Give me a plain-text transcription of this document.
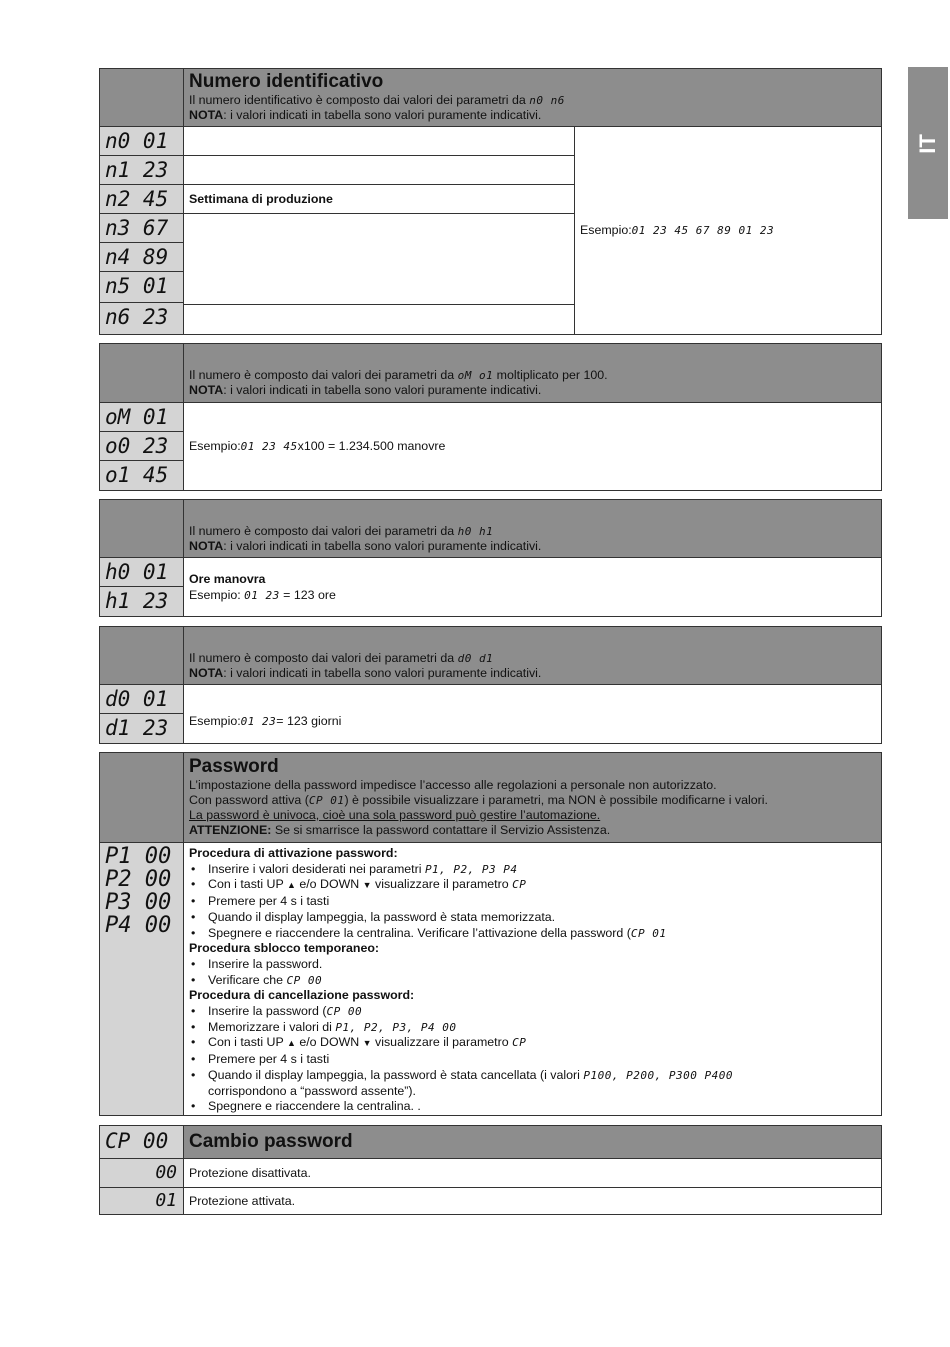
IT
Numero identificativo
Il numero identificativo è composto dai valori dei parametri da n0 n6
NOTA: i valori indicati in tabella sono valori puramente indicativi.
n0 01
n1 23
n2 45
n3 67
n4 89
n5 01
n6 23
Settimana di produzione
Esempio: 01 23 45 67 89 01 23
Il numero è composto dai valori dei parametri da oM o1 moltiplicato per 100.
NOTA: i valori indicati in tabella sono valori puramente indicativi.
oM 01
o0 23
o1 45
Esempio: 01 23 45 x100 = 1.234.500 manovre
Il numero è composto dai valori dei parametri da h0 h1
NOTA: i valori indicati in tabella sono valori puramente indicativi.
h0 01
h1 23
Ore manovra
Esempio: 01 23 = 123 ore
Il numero è composto dai valori dei parametri da d0 d1
NOTA: i valori indicati in tabella sono valori puramente indicativi.
d0 01
d1 23	Esempio: 01 23 = 123 giorni
Password
L’impostazione della password impedisce l’accesso alle regolazioni a personale non autorizzato.
Con password attiva (CP 01) è possibile visualizzare i parametri, ma NON è possibile modificarne i valori.
La password è univoca, cioè una sola password può gestire l’automazione.
ATTENZIONE: Se si smarrisce la password contattare il Servizio Assistenza.
P1 00
P2 00
P3 00
P4 00
Procedura di attivazione password:
• Inserire i valori desiderati nei parametri P1, P2, P3 P4
• Con i tasti UP ▲ e/o DOWN ▼ visualizzare il parametro CP
• Premere per 4 s i tasti
• Quando il display lampeggia, la password è stata memorizzata.
• Spegnere e riaccendere la centralina. Verificare l’attivazione della password (CP 01
Procedura sblocco temporaneo:
• Inserire la password.
• Verificare che CP 00
Procedura di cancellazione password:
• Inserire la password (CP 00
• Memorizzare i valori di P1, P2, P3, P4 00
• Con i tasti UP ▲ e/o DOWN ▼ visualizzare il parametro CP
• Premere per 4 s i tasti
• Quando il display lampeggia, la password è stata cancellata (i valori P100, P200, P300 P400
corrispondono a “password assente”).
• Spegnere e riaccendere la centralina. .
CP 00	Cambio password
00 Protezione disattivata.
01 Protezione attivata.
